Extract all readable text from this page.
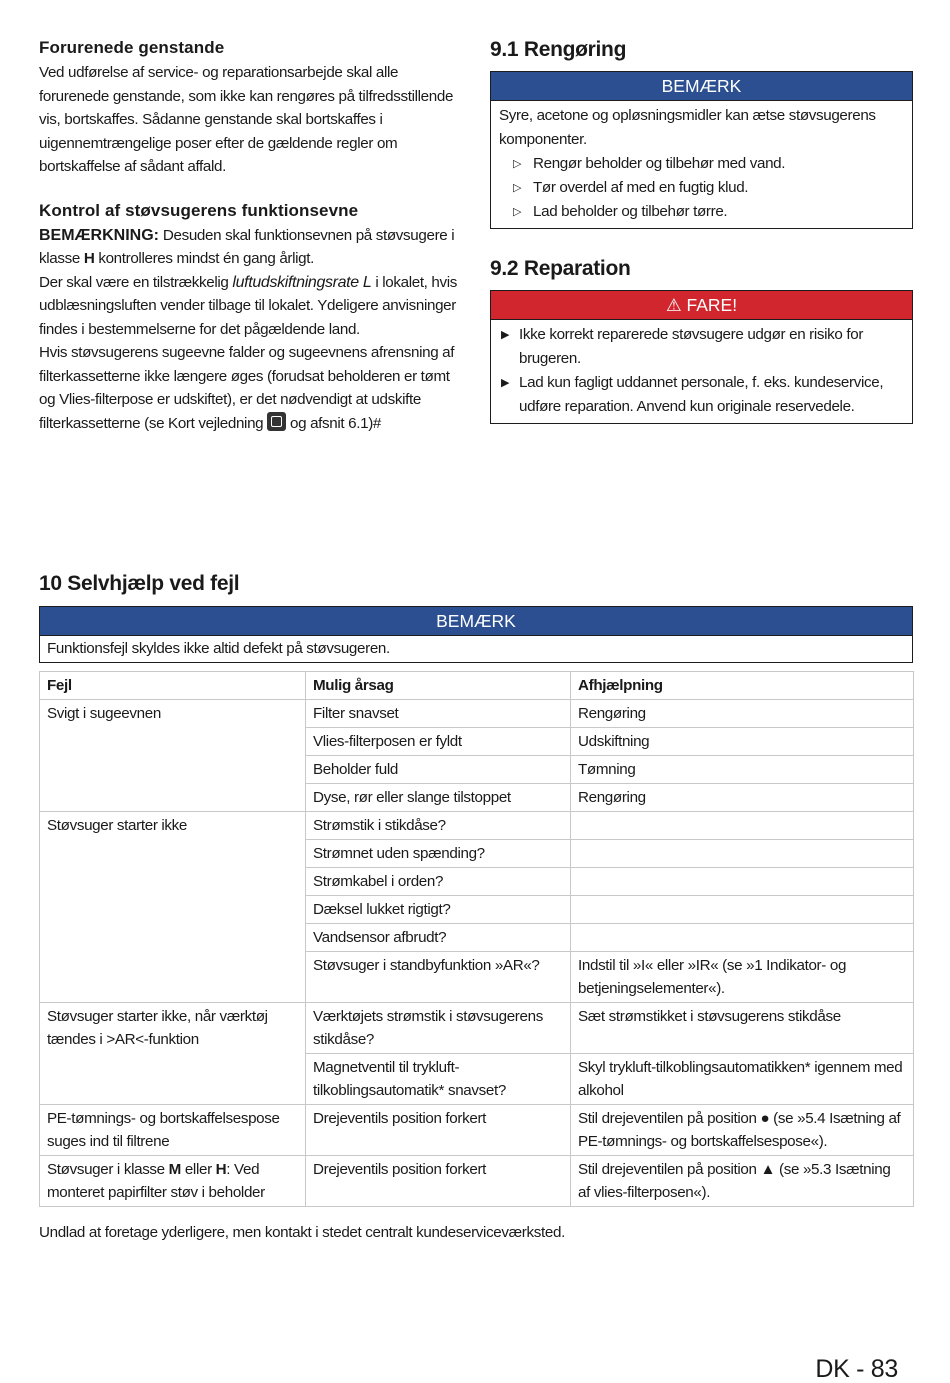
Forurenede genstande

Ved udførelse af service- og reparationsarbejde skal alle forurenede genstande, som ikke kan rengøres på tilfredsstillende vis, bortskaffes. Sådanne genstande skal bortskaffes i uigennemtrængelige poser efter de gældende regler om bortskaffelse af sådant affald.

Kontrol af støvsugerens funktionsevne

BEMÆRKNING: Desuden skal funktionsevnen på støvsugere i klasse H kontrolleres mindst én gang årligt.

Der skal være en tilstrækkelig luftudskiftningsrate L i lokalet, hvis udblæsningsluften vender tilbage til lokalet. Ydeligere anvisninger findes i bestemmelserne for det pågældende land.

Hvis støvsugerens sugeevne falder og sugeevnens afrensning af filterkassetterne ikke længere øges (forudsat beholderen er tømt og Vlies-filterpose er udskiftet), er det nødvendigt at udskifte filterkassetterne (se Kort vejledning  og afsnit 6.1)#

9.1 Rengøring

BEMÆRK

Syre, acetone og opløsningsmidler kan ætse støvsugerens komponenter.

▷ Rengør beholder og tilbehør med vand.
▷ Tør overdel af med en fugtig klud.
▷ Lad beholder og tilbehør tørre.

9.2 Reparation

⚠ FARE!
▶ Ikke korrekt reparerede støvsugere udgør en risiko for brugeren.
▶ Lad kun fagligt uddannet personale, f. eks. kundeservice, udføre reparation. Anvend kun originale reservedele.

10 Selvhjælp ved fejl

BEMÆRK

Funktionsfejl skyldes ikke altid defekt på støvsugeren.

Fejl	Mulig årsag	Afhjælpning
Svigt i sugeevnen	Filter snavset	Rengøring
	Vlies-filterposen er fyldt	Udskiftning
	Beholder fuld	Tømning
	Dyse, rør eller slange tilstoppet	Rengøring
Støvsuger starter ikke	Strømstik i stikdåse?	
	Strømnet uden spænding?	
	Strømkabel i orden?	
	Dæksel lukket rigtigt?	
	Vandsensor afbrudt?	
	Støvsuger i standbyfunktion »AR«?	Indstil til »I« eller »IR« (se »1 Indikator- og betjeningselementer«).
Støvsuger starter ikke, når værktøj tændes i >AR<-funktion	Værktøjets strømstik i støvsugerens stikdåse?	Sæt strømstikket i støvsugerens stikdåse
	Magnetventil til trykluft-tilkoblingsautomatik* snavset?	Skyl trykluft-tilkoblingsautomatikken* igennem med alkohol
PE-tømnings- og bortskaffelsespose suges ind til filtrene	Drejeventils position forkert	Stil drejeventilen på position ● (se »5.4 Isætning af PE-tømnings- og bortskaffelsespose«).
Støvsuger i klasse M eller H: Ved monteret papirfilter støv i beholder	Drejeventils position forkert	Stil drejeventilen på position ▲ (se »5.3 Isætning af vlies-filterposen«).

Undlad at foretage yderligere, men kontakt i stedet centralt kundeserviceværksted.

DK - 83
